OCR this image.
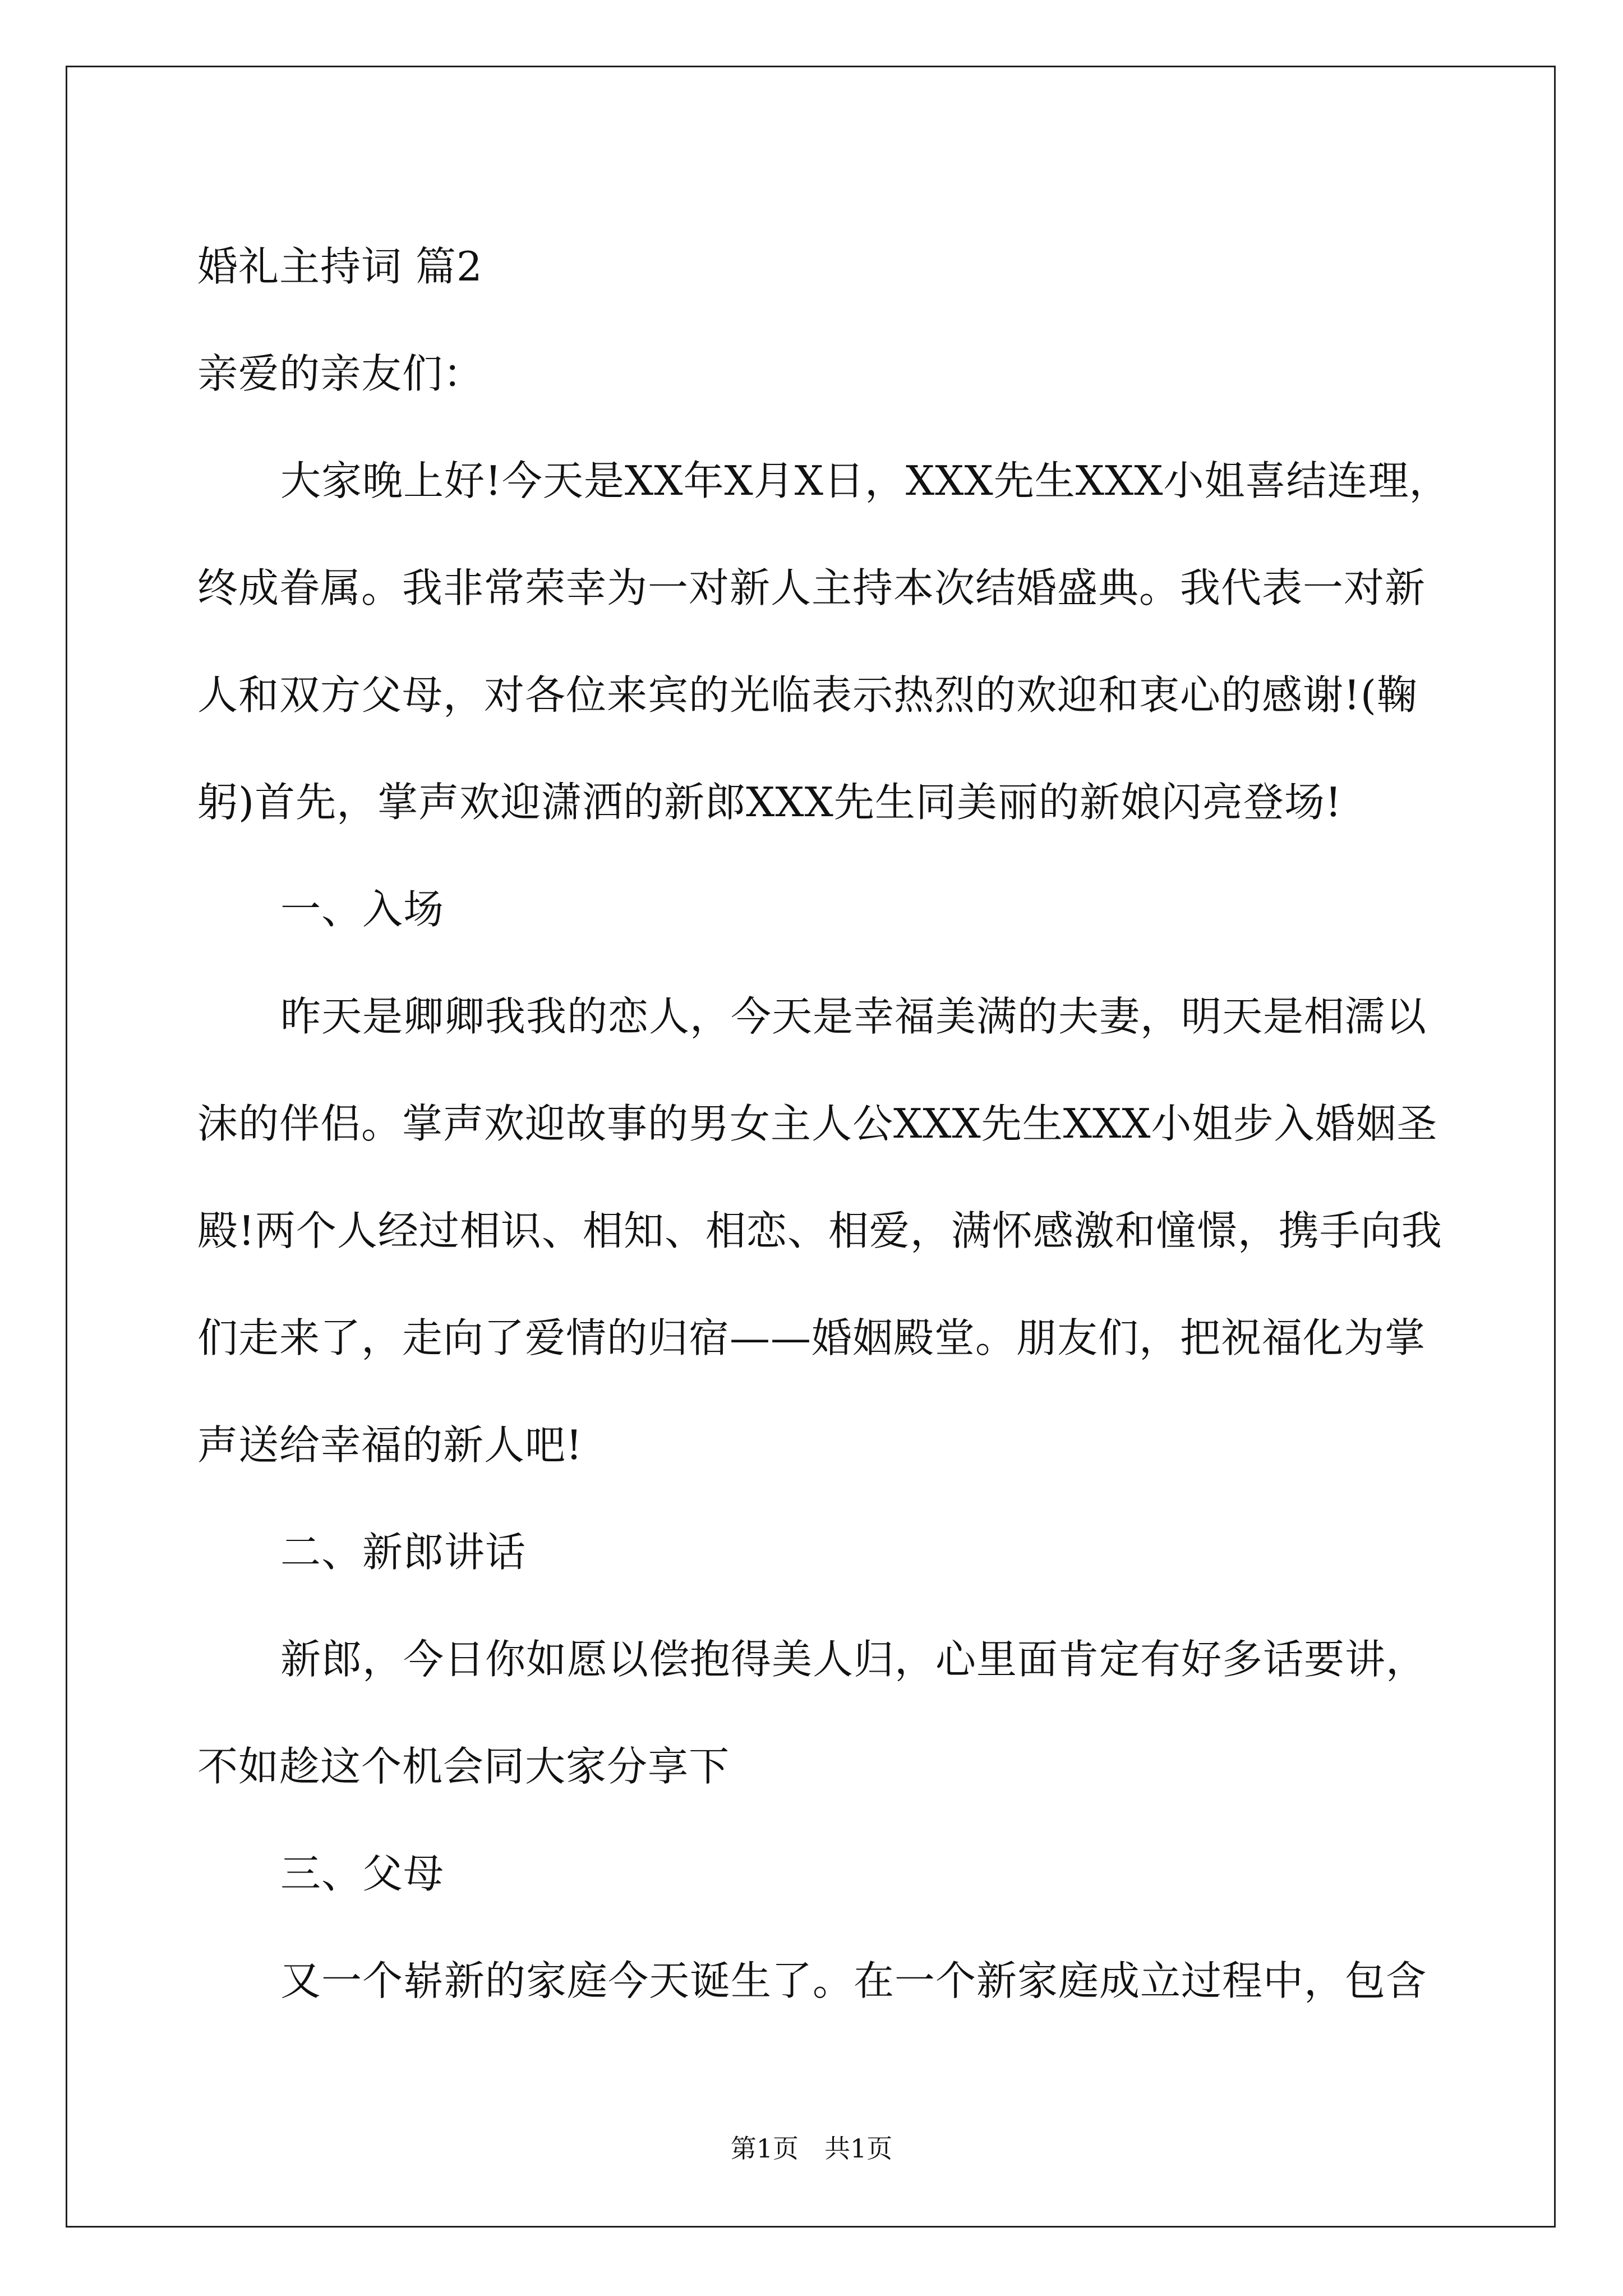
婚礼主持词 篇2
亲爱的亲友们：
大家晚上好!今天是XX年X月X日，XXX先生XXX小姐喜结连理，
终成眷属。我非常荣幸为一对新人主持本次结婚盛典。我代表一对新
人和双方父母，对各位来宾的光临表示热烈的欢迎和衷心的感谢!(鞠
躬)首先，掌声欢迎潇洒的新郎XXX先生同美丽的新娘闪亮登场!
一、入场
昨天是卿卿我我的恋人，今天是幸福美满的夫妻，明天是相濡以
沫的伴侣。掌声欢迎故事的男女主人公XXX先生XXX小姐步入婚姻圣
殿!两个人经过相识、相知、相恋、相爱，满怀感激和憧憬，携手向我
们走来了，走向了爱情的归宿——婚姻殿堂。朋友们，把祝福化为掌
声送给幸福的新人吧!
二、新郎讲话
新郎，今日你如愿以偿抱得美人归，心里面肯定有好多话要讲，
不如趁这个机会同大家分享下
三、父母
又一个崭新的家庭今天诞生了。在一个新家庭成立过程中，包含
第1页　共1页
